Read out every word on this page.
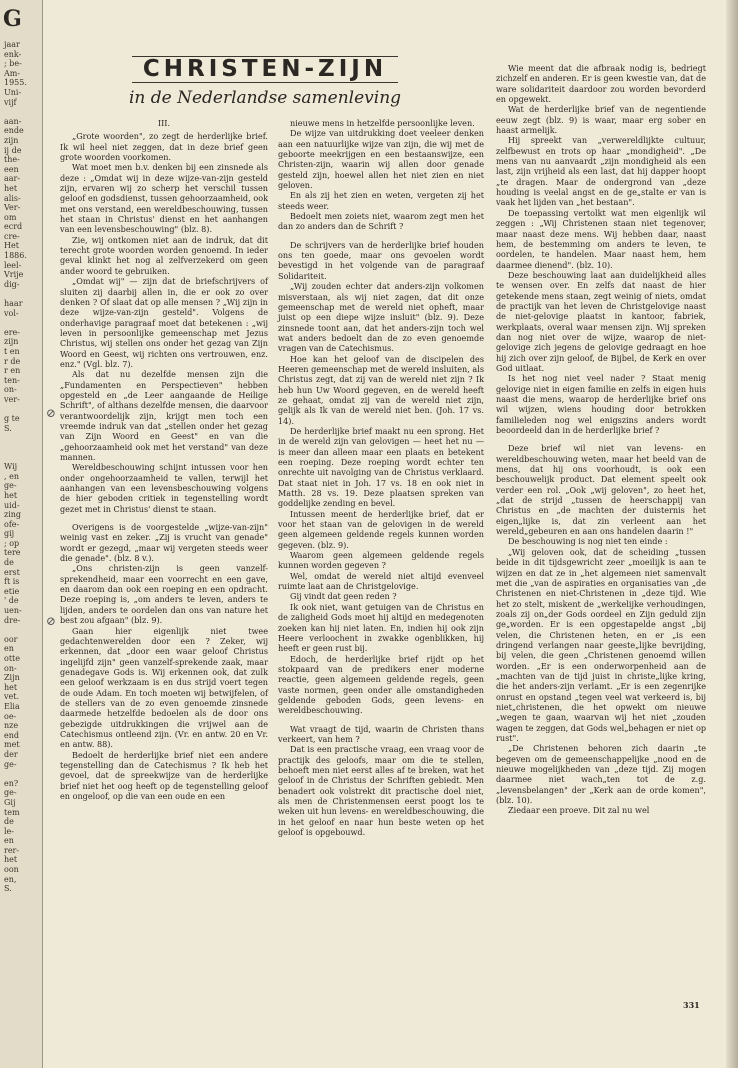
G
jaar
enk-
; be-
Am-
1955.
Uni-
vijf

aan-
ende
zijn
ij de
the-
een
aar-
het
alis-
Ver-
om
ecrd
cre-
Het
1886.
leel-
Vrije
dig-

haar
vol-

ere-
zijn
t en
r de
r en
ten-
on-
ver-

g te
S.

Wij
, en
ge-
het
uid-
zing
ofe-
gij
; op
tere
de
erst
ft is
etie
' de
uen-
dre-

oor
en
otte
on-
Zijn
het
vet.
Elia
oe-
nze
end
met
der
ge-

en?
ge-
Gij
tem
de
le-
en
rer-
het
oon
en,
S.
⊘
⊘
CHRISTEN-ZIJN
in de Nederlandse samenleving

III.

„Grote woorden", zo zegt de herderlijke brief. Ik wil heel niet zeggen, dat in deze brief geen grote woorden voorkomen.

Wat moet men b.v. denken bij een zinsnede als deze : „Omdat wij in deze wijze-van-zijn gesteld zijn, ervaren wij zo scherp het verschil tussen geloof en godsdienst, tussen gehoorzaamheid, ook met ons verstand, een wereldbeschouwing, tussen het staan in Christus' dienst en het aanhangen van een levensbeschouwing" (blz. 8).

Zie, wij ontkomen niet aan de indruk, dat dit terecht grote woorden worden genoemd. In ieder geval klinkt het nog al zelfverzekerd om geen ander woord te gebruiken.

„Omdat wij" — zijn dat de briefschrijvers of sluiten zij daarbij allen in, die er ook zo over denken ? Of slaat dat op alle mensen ? „Wij zijn in deze wijze-van-zijn gesteld". Volgens de onderhavige paragraaf moet dat betekenen : „wij leven in persoonlijke gemeenschap met Jezus Christus, wij stellen ons onder het gezag van Zijn Woord en Geest, wij richten ons vertrouwen, enz. enz." (Vgl. blz. 7).

Als dat nu dezelfde mensen zijn die „Fundamenten en Perspectieven" hebben opgesteld en „de Leer aangaande de Heilige Schrift", of althans dezelfde mensen, die daarvoor verantwoordelijk zijn, krijgt men toch een vreemde indruk van dat „stellen onder het gezag van Zijn Woord en Geest" en van die „gehoorzaamheid ook met het verstand" van deze mannen.

Wereldbeschouwing schijnt intussen voor hen onder ongehoorzaamheid te vallen, terwijl het aanhangen van een levensbeschouwing volgens de hier geboden critiek in tegenstelling wordt gezet met in Christus' dienst te staan.

Overigens is de voorgestelde „wijze-van-zijn" weinig vast en zeker. „Zij is vrucht van genade" wordt er gezegd, „maar wij vergeten steeds weer die genade". (blz. 8 v.).

„Ons christen-zijn is geen vanzelf-sprekendheid, maar een voorrecht en een gave, en daarom dan ook een roeping en een opdracht. Deze roeping is, „om anders te leven, anders te lijden, anders te oordelen dan ons van nature het best zou afgaan" (blz. 9).

Gaan hier eigenlijk niet twee gedachtenwerelden door een ? Zeker, wij erkennen, dat „door een waar geloof Christus ingelijfd zijn" geen vanzelf-sprekende zaak, maar genadegave Gods is. Wij erkennen ook, dat zulk een geloof werkzaam is en dus strijd voert tegen de oude Adam. En toch moeten wij betwijfelen, of de stellers van de zo even genoemde zinsnede daarmede hetzelfde bedoelen als de door ons gebezigde uitdrukkingen die vrijwel aan de Catechismus ontleend zijn. (Vr. en antw. 20 en Vr. en antw. 88).

Bedoelt de herderlijke brief niet een andere tegenstelling dan de Catechismus ? Ik heb het gevoel, dat de spreekwijze van de herderlijke brief niet het oog heeft op de tegenstelling geloof en ongeloof, op die van een oude en een

nieuwe mens in hetzelfde persoonlijke leven.

De wijze van uitdrukking doet veeleer denken aan een natuurlijke wijze van zijn, die wij met de geboorte meekrijgen en een bestaanswijze, een Christen-zijn, waarin wij allen door genade gesteld zijn, hoewel allen het niet zien en niet geloven.

En als zij het zien en weten, vergeten zij het steeds weer.

Bedoelt men zoiets niet, waarom zegt men het dan zo anders dan de Schrift ?

De schrijvers van de herderlijke brief houden ons ten goede, maar ons gevoelen wordt bevestigd in het volgende van de paragraaf Solidariteit.

„Wij zouden echter dat anders-zijn volkomen misverstaan, als wij niet zagen, dat dit onze gemeenschap met de wereld niet opheft, maar juist op een diepe wijze insluit" (blz. 9). Deze zinsnede toont aan, dat het anders-zijn toch wel wat anders bedoelt dan de zo even genoemde vragen van de Catechismus.

Hoe kan het geloof van de discipelen des Heeren gemeenschap met de wereld insluiten, als Christus zegt, dat zij van de wereld niet zijn ? Ik heb hun Uw Woord gegeven, en de wereld heeft ze gehaat, omdat zij van de wereld niet zijn, gelijk als Ik van de wereld niet ben. (Joh. 17 vs. 14).

De herderlijke brief maakt nu een sprong. Het in de wereld zijn van gelovigen — heet het nu — is meer dan alleen maar een plaats en betekent een roeping. Deze roeping wordt echter ten onrechte uit navolging van de Christus verklaard. Dat staat niet in Joh. 17 vs. 18 en ook niet in Matth. 28 vs. 19. Deze plaatsen spreken van goddelijke zending en bevel.

Intussen meent de herderlijke brief, dat er voor het staan van de gelovigen in de wereld geen algemeen geldende regels kunnen worden gegeven. (blz. 9).

Waarom geen algemeen geldende regels kunnen worden gegeven ?

Wel, omdat de wereld niet altijd evenveel ruimte laat aan de Christgelovige.

Gij vindt dat geen reden ?

Ik ook niet, want getuigen van de Christus en de zaligheid Gods moet hij altijd en medegenoten zoeken kan hij niet laten. En, indien hij ook zijn Heere verloochent in zwakke ogenblikken, hij heeft er geen rust bij.

Edoch, de herderlijke brief rijdt op het stokpaard van de predikers ener moderne reactie, geen algemeen geldende regels, geen vaste normen, geen onder alle omstandigheden geldende geboden Gods, geen levens- en wereldbeschouwing.

Wat vraagt de tijd, waarin de Christen thans verkeert, van hem ?

Dat is een practische vraag, een vraag voor de practijk des geloofs, maar om die te stellen, behoeft men niet eerst alles af te breken, wat het geloof in de Christus der Schriften gebiedt. Men benadert ook volstrekt dit practische doel niet, als men de Christenmensen eerst poogt los te weken uit hun levens- en wereldbeschouwing, die in het geloof en naar hun beste weten op het geloof is opgebouwd.

Wie meent dat die afbraak nodig is, bedriegt zichzelf en anderen. Er is geen kwestie van, dat de ware solidariteit daardoor zou worden bevorderd en opgewekt.

Wat de herderlijke brief van de negentiende eeuw zegt (blz. 9) is waar, maar erg sober en haast armelijk.

Hij spreekt van „verwereldlijkte cultuur, zelfbewust en trots op haar „mondigheid". „De mens van nu aanvaardt „zijn mondigheid als een last, zijn vrijheid als een last, dat hij dapper hoopt „te dragen. Maar de ondergrond van „deze houding is veelal angst en de ge„stalte er van is vaak het lijden van „het bestaan".

De toepassing vertolkt wat men eigenlijk wil zeggen : „Wij Christenen staan niet tegenover, maar naast deze mens. Wij hebben daar, naast hem, de bestemming om anders te leven, te oordelen, te handelen. Maar naast hem, hem daarmee dienend". (blz. 10).

Deze beschouwing laat aan duidelijkheid alles te wensen over. En zelfs dat naast de hier getekende mens staan, zegt weinig of niets, omdat de practijk van het leven de Christgelovige naast de niet-gelovige plaatst in kantoor, fabriek, werkplaats, overal waar mensen zijn. Wij spreken dan nog niet over de wijze, waarop de niet-gelovige zich jegens de gelovige gedraagt en hoe hij zich over zijn geloof, de Bijbel, de Kerk en over God uitlaat.

Is het nog niet veel nader ? Staat menig gelovige niet in eigen familie en zelfs in eigen huis naast die mens, waarop de herderlijke brief ons wil wijzen, wiens houding door betrokken familieleden nog wel enigszins anders wordt beoordeeld dan in de herderlijke brief ?

Deze brief wil niet van levens- en wereldbeschouwing weten, maar het beeld van de mens, dat hij ons voorhoudt, is ook een beschouwelijk product. Dat element speelt ook verder een rol. „Ook „wij geloven", zo heet het, „dat de strijd „tussen de heerschappij van Christus en „de machten der duisternis het eigen„lijke is, dat zin verleent aan het wereld„gebeuren en aan ons handelen daarin !"

De beschouwing is nog niet ten einde :

„Wij geloven ook, dat de scheiding „tussen beide in dit tijdsgewricht zeer „moeilijk is aan te wijzen en dat ze in „het algemeen niet samenvalt met die „van de aspiraties en organisaties van „de Christenen en niet-Christenen in „deze tijd. Wie het zo stelt, miskent de „werkelijke verhoudingen, zoals zij on„der Gods oordeel en Zijn geduld zijn ge„worden. Er is een opgestapelde angst „bij velen, die Christenen heten, en er „is een dringend verlangen naar geeste„lijke bevrijding, bij velen, die geen „Christenen genoemd willen worden. „Er is een onderworpenheid aan de „machten van de tijd juist in christe„lijke kring, die het anders-zijn verlamt. „Er is een zegenrijke onrust en opstand „tegen veel wat verkeerd is, bij niet„christenen, die het opwekt om nieuwe „wegen te gaan, waarvan wij het niet „zouden wagen te zeggen, dat Gods wel„behagen er niet op rust".

„De Christenen behoren zich daarin „te begeven om de gemeenschappelijke „nood en de nieuwe mogelijkheden van „deze tijd. Zij mogen daarmee niet wach„ten tot de z.g. „levensbelangen" der „Kerk aan de orde komen", (blz. 10).

Ziedaar een proeve. Dit zal nu wel

331
